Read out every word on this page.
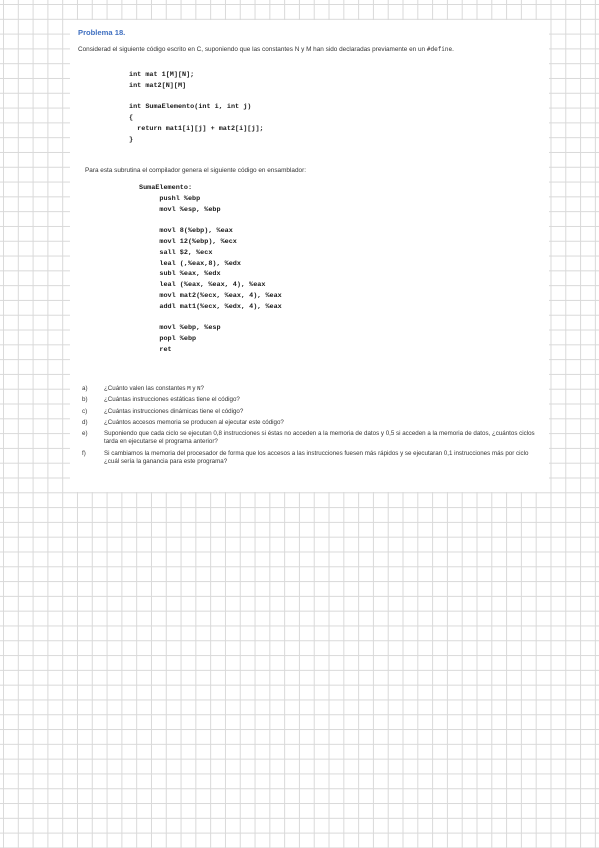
Problema 18.
Considerad el siguiente código escrito en C, suponiendo que las constantes N y M han sido declaradas previamente en un #define.
int mat 1[M][N];
int mat2[N][M]
int SumaElemento(int i, int j)
{
return mat1[i][j] + mat2[i][j];
}
Para esta subrutina el compilador genera el siguiente código en ensamblador:
SumaElemento:
pushl %ebp
movl %esp, %ebp
movl 8(%ebp), %eax
movl 12(%ebp), %ecx
sall $2, %ecx
leal (,%eax,8), %edx
subl %eax, %edx
leal (%eax, %eax, 4), %eax
movl mat2(%ecx, %eax, 4), %eax
addl mat1(%ecx, %edx, 4), %eax
movl %ebp, %esp
popl %ebp
ret
a)	¿Cuánto valen las constantes M y N?
b)	¿Cuántas instrucciones estáticas tiene el código?
c)	¿Cuántas instrucciones dinámicas tiene el código?
d)	¿Cuántos accesos memoria se producen al ejecutar este código?
e)	Suponiendo que cada ciclo se ejecutan 0,8 instrucciones si éstas no acceden a la memoria de datos y 0,5 si acceden a la memoria de datos, ¿cuántos ciclos tarda en ejecutarse el programa anterior?
f)	Si cambiamos la memoria del procesador de forma que los accesos a las instrucciones fuesen más rápidos y se ejecutaran 0,1 instrucciones más por ciclo ¿cuál sería la ganancia para este programa?
